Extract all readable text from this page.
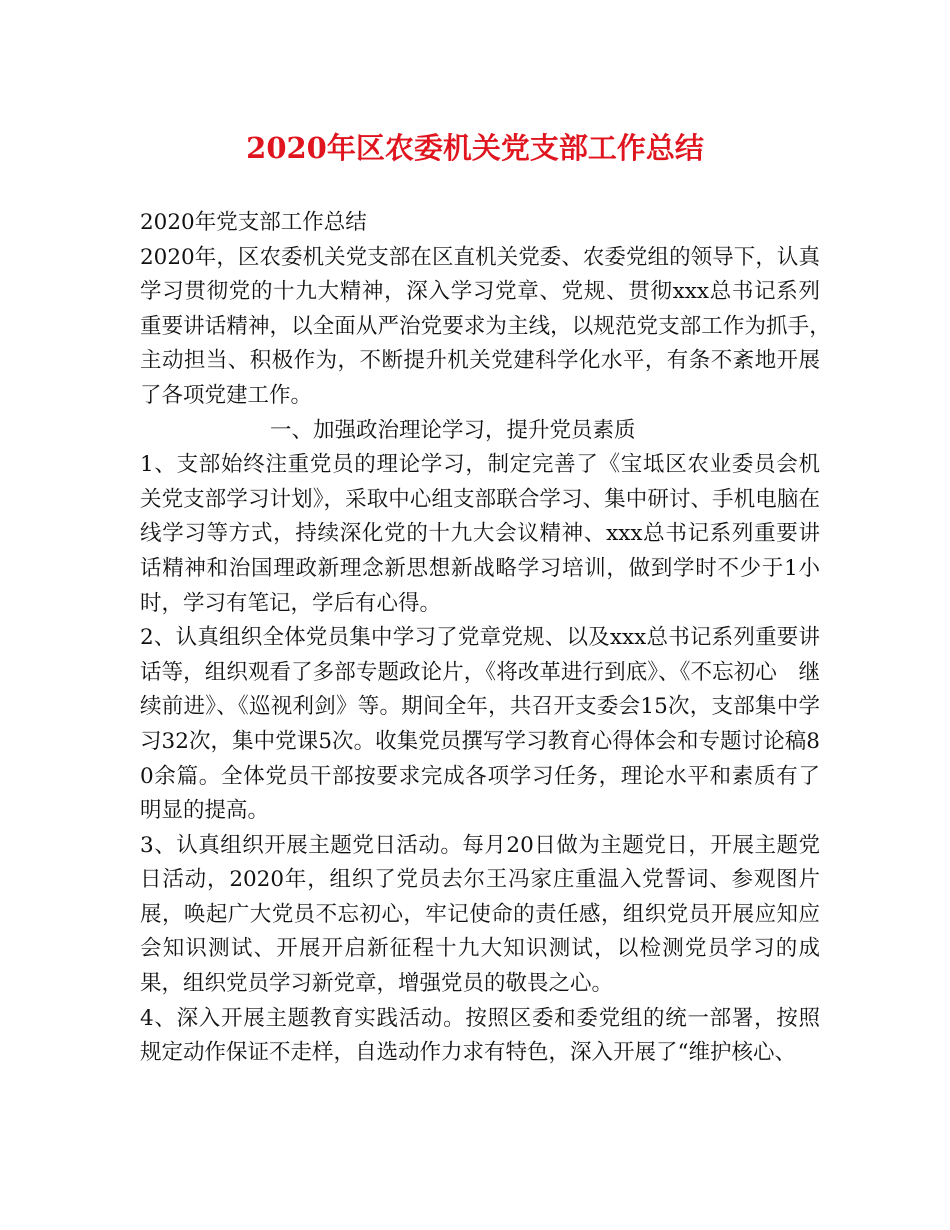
2020年区农委机关党支部工作总结

2020年党支部工作总结

2020年，区农委机关党支部在区直机关党委、农委党组的领导下，认真学习贯彻党的十九大精神，深入学习党章、党规、贯彻xxx总书记系列重要讲话精神，以全面从严治党要求为主线，以规范党支部工作为抓手，　主动担当、积极作为，不断提升机关党建科学化水平，有条不紊地开展了各项党建工作。

一、加强政治理论学习，提升党员素质

1、支部始终注重党员的理论学习，制定完善了《宝坻区农业委员会机关党支部学习计划》，采取中心组支部联合学习、集中研讨、手机电脑在线学习等方式，持续深化党的十九大会议精神、xxx总书记系列重要讲话精神和治国理政新理念新思想新战略学习培训，做到学时不少于1小时，学习有笔记，学后有心得。

2、认真组织全体党员集中学习了党章党规、以及xxx总书记系列重要讲话等，组织观看了多部专题政论片，《将改革进行到底》、《不忘初心　继续前进》、《巡视利剑》等。期间全年，共召开支委会15次，支部集中学习32次，集中党课5次。收集党员撰写学习教育心得体会和专题讨论稿80余篇。全体党员干部按要求完成各项学习任务，理论水平和素质有了明显的提高。

3、认真组织开展主题党日活动。每月20日做为主题党日，开展主题党日活动，2020年，组织了党员去尔王冯家庄重温入党誓词、参观图片展，唤起广大党员不忘初心，牢记使命的责任感，组织党员开展应知应会知识测试、开展开启新征程十九大知识测试，以检测党员学习的成果，组织党员学习新党章，增强党员的敬畏之心。

4、深入开展主题教育实践活动。按照区委和委党组的统一部署，按照规定动作保证不走样，自选动作力求有特色，深入开展了“维护核心、
